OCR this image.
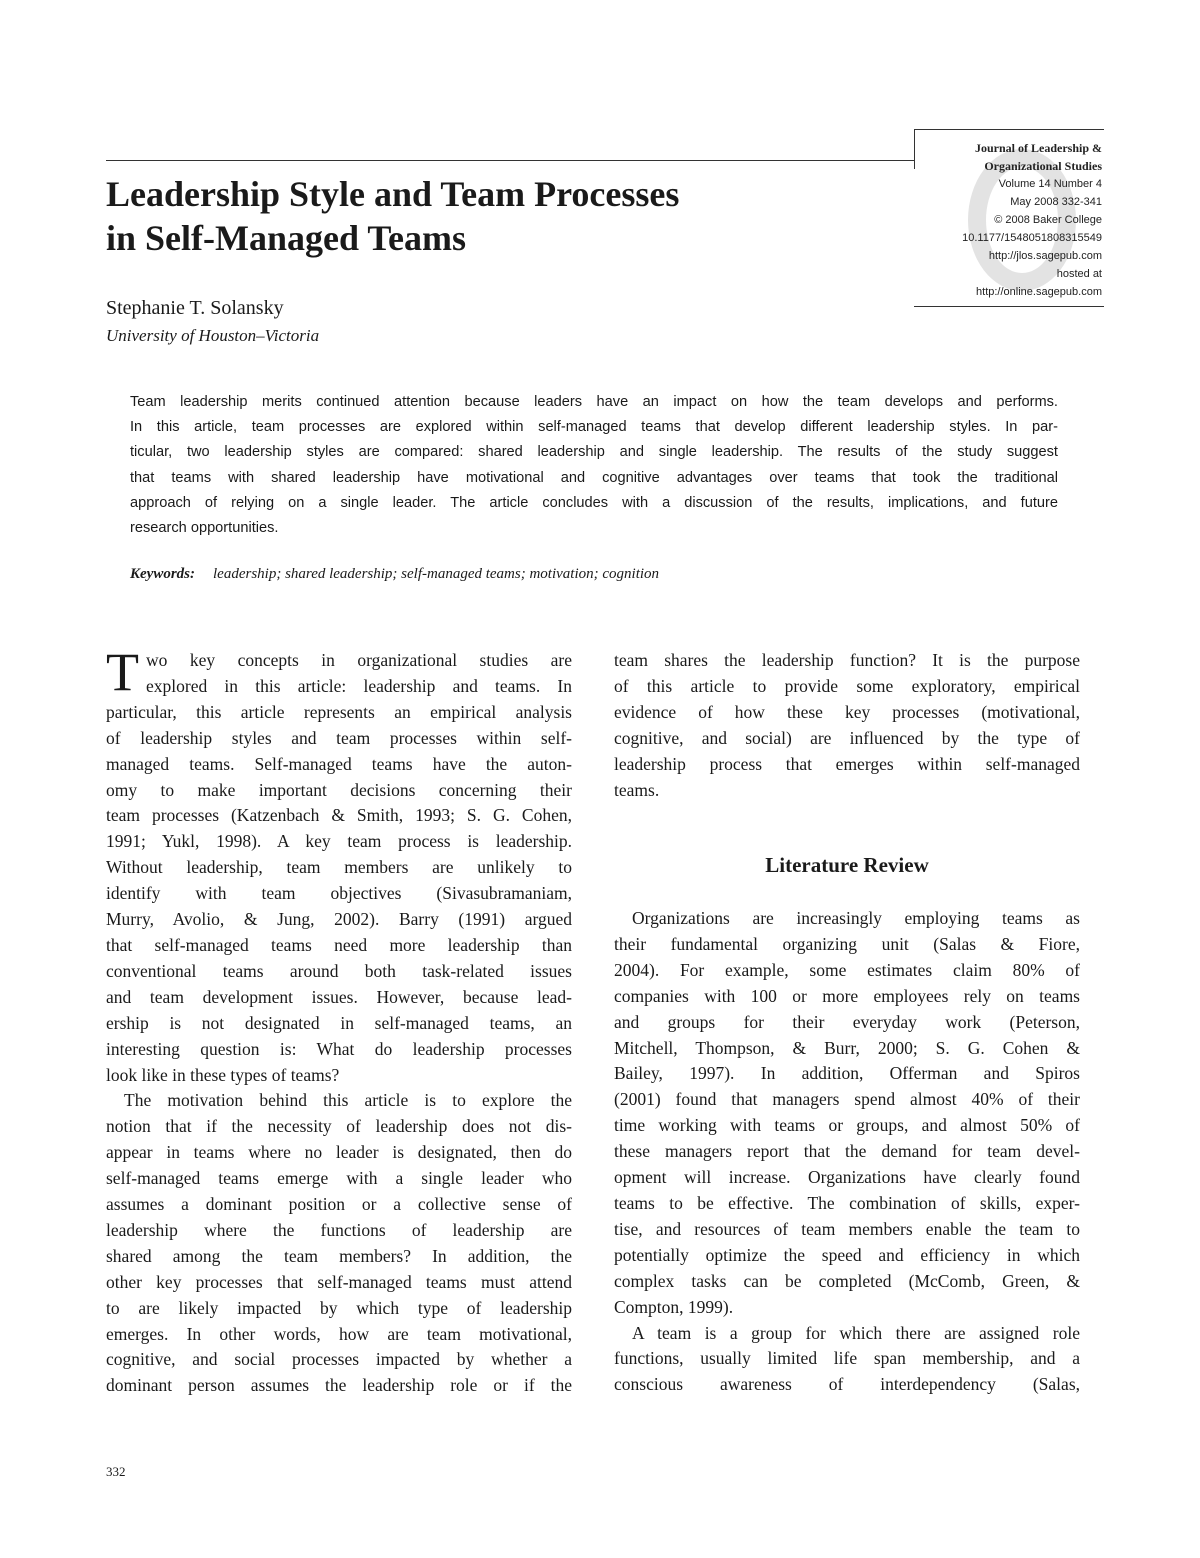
Journal of Leadership &
Organizational Studies
Volume 14 Number 4
May 2008 332-341
© 2008 Baker College
10.1177/1548051808315549
http://jlos.sagepub.com
hosted at
http://online.sagepub.com
Leadership Style and Team Processes
in Self-Managed Teams
Stephanie T. Solansky
University of Houston–Victoria
Team leadership merits continued attention because leaders have an impact on how the team develops and performs.
In this article, team processes are explored within self-managed teams that develop different leadership styles. In par-
ticular, two leadership styles are compared: shared leadership and single leadership. The results of the study suggest
that teams with shared leadership have motivational and cognitive advantages over teams that took the traditional
approach of relying on a single leader. The article concludes with a discussion of the results, implications, and future
research opportunities.
Keywords: leadership; shared leadership; self-managed teams; motivation; cognition
T wo key concepts in organizational studies are
explored in this article: leadership and teams. In
particular, this article represents an empirical analysis
of leadership styles and team processes within self-
managed teams. Self-managed teams have the auton-
omy to make important decisions concerning their
team processes (Katzenbach & Smith, 1993; S. G. Cohen,
1991; Yukl, 1998). A key team process is leadership.
Without leadership, team members are unlikely to
identify with team objectives (Sivasubramaniam,
Murry, Avolio, & Jung, 2002). Barry (1991) argued
that self-managed teams need more leadership than
conventional teams around both task-related issues
and team development issues. However, because lead-
ership is not designated in self-managed teams, an
interesting question is: What do leadership processes
look like in these types of teams?
The motivation behind this article is to explore the
notion that if the necessity of leadership does not dis-
appear in teams where no leader is designated, then do
self-managed teams emerge with a single leader who
assumes a dominant position or a collective sense of
leadership where the functions of leadership are
shared among the team members? In addition, the
other key processes that self-managed teams must attend
to are likely impacted by which type of leadership
emerges. In other words, how are team motivational,
cognitive, and social processes impacted by whether a
dominant person assumes the leadership role or if the
team shares the leadership function? It is the purpose
of this article to provide some exploratory, empirical
evidence of how these key processes (motivational,
cognitive, and social) are influenced by the type of
leadership process that emerges within self-managed
teams.
Literature Review
Organizations are increasingly employing teams as
their fundamental organizing unit (Salas & Fiore,
2004). For example, some estimates claim 80% of
companies with 100 or more employees rely on teams
and groups for their everyday work (Peterson,
Mitchell, Thompson, & Burr, 2000; S. G. Cohen &
Bailey, 1997). In addition, Offerman and Spiros
(2001) found that managers spend almost 40% of their
time working with teams or groups, and almost 50% of
these managers report that the demand for team devel-
opment will increase. Organizations have clearly found
teams to be effective. The combination of skills, exper-
tise, and resources of team members enable the team to
potentially optimize the speed and efficiency in which
complex tasks can be completed (McComb, Green, &
Compton, 1999).
A team is a group for which there are assigned role
functions, usually limited life span membership, and a
conscious awareness of interdependency (Salas,
332
